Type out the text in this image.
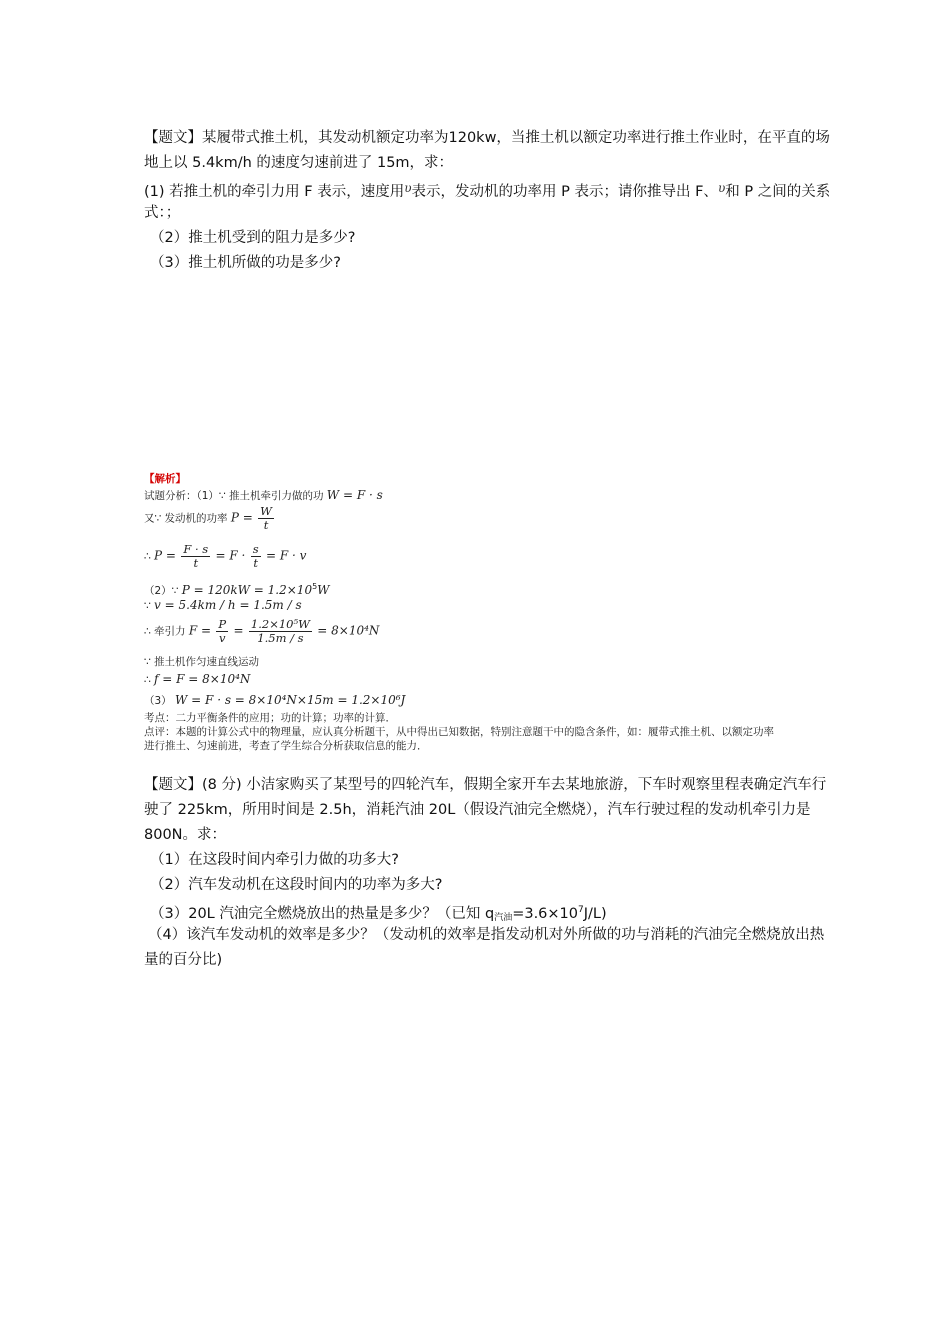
【题文】某履带式推土机，其发动机额定功率为120kw，当推土机以额定功率进行推土作业时，在平直的场
地上以 5.4km/h 的速度匀速前进了 15m，求：
(1) 若推土机的牵引力用 F 表示，速度用$^\upsilon$表示，发动机的功率用 P 表示；请你推导出 F、$^\upsilon$和 P 之间的关系
式：；
（2）推土机受到的阻力是多少?
（3）推土机所做的功是多少?
【解析】
试题分析：（1）∵ 推土机牵引力做的功 W = F · s
又∵ 发动机的功率 $P = \frac{W}{t}$
∴ $P = \frac{F \cdot s}{t} = F \cdot \frac{s}{t} = F \cdot v$
（2）∵ $P = 120kW = 1.2\times 10^5W$
∵ v = 5.4km / h = 1.5m / s
∴ 牵引力 $F = \frac{P}{v} = \frac{\text{1.2×10⁵W}}{1.5m / s} = 8\times 10^4N$
∵ 推土机作匀速直线运动
∴ f = F = 8×10⁴N
（3） W = F · s = 8×10⁴N×15m = 1.2×10⁶J
考点：二力平衡条件的应用；功的计算；功率的计算．
点评：本题的计算公式中的物理量，应认真分析题干，从中得出已知数据，特别注意题干中的隐含条件，如：履带式推土机、以额定功率
进行推土、匀速前进，考查了学生综合分析获取信息的能力．
【题文】(8 分) 小洁家购买了某型号的四轮汽车，假期全家开车去某地旅游，下车时观察里程表确定汽车行
驶了 225km，所用时间是 2.5h，消耗汽油 20L（假设汽油完全燃烧），汽车行驶过程的发动机牵引力是
800N。求：
（1）在这段时间内牵引力做的功多大?
（2）汽车发动机在这段时间内的功率为多大?
（3）20L 汽油完全燃烧放出的热量是多少？（已知 $q_{汽油}=3.6\times 10^7J/L$)
（4）该汽车发动机的效率是多少？（发动机的效率是指发动机对外所做的功与消耗的汽油完全燃烧放出热
量的百分比)
